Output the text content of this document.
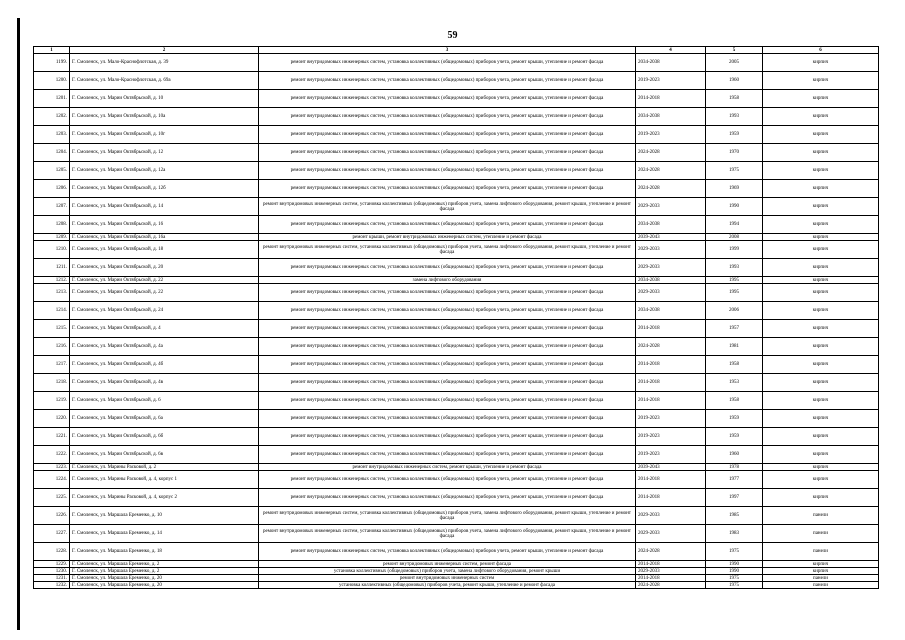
59
1	2	3	4	5	6
1199.	Г. Смоленск, ул. Мало-Краснофлотская, д. 39	ремонт внутридомовых инженерных систем, установка коллективных (общедомовых) приборов учета, ремонт крыши, утепление и ремонт фасада	2034-2038	2005	кирпич
1200.	Г. Смоленск, ул. Мало-Краснофлотская, д. 69а	ремонт внутридомовых инженерных систем, установка коллективных (общедомовых) приборов учета, ремонт крыши, утепление и ремонт фасада	2019-2023	1960	кирпич
1201.	Г. Смоленск, ул. Марии Октябрьской, д. 10	ремонт внутридомовых инженерных систем, установка коллективных (общедомовых) приборов учета, ремонт крыши, утепление и ремонт фасада	2014-2018	1958	кирпич
1202.	Г. Смоленск, ул. Марии Октябрьской, д. 10а	ремонт внутридомовых инженерных систем, установка коллективных (общедомовых) приборов учета, ремонт крыши, утепление и ремонт фасада	2034-2038	1993	кирпич
1203.	Г. Смоленск, ул. Марии Октябрьской, д. 10г	ремонт внутридомовых инженерных систем, установка коллективных (общедомовых) приборов учета, ремонт крыши, утепление и ремонт фасада	2019-2023	1959	кирпич
1204.	Г. Смоленск, ул. Марии Октябрьской, д. 12	ремонт внутридомовых инженерных систем, установка коллективных (общедомовых) приборов учета, ремонт крыши, утепление и ремонт фасада	2024-2028	1970	кирпич
1205.	Г. Смоленск, ул. Марии Октябрьской, д. 12а	ремонт внутридомовых инженерных систем, установка коллективных (общедомовых) приборов учета, ремонт крыши, утепление и ремонт фасада	2024-2028	1975	кирпич
1206.	Г. Смоленск, ул. Марии Октябрьской, д. 12б	ремонт внутридомовых инженерных систем, установка коллективных (общедомовых) приборов учета, ремонт крыши, утепление и ремонт фасада	2024-2028	1969	кирпич
1207.	Г. Смоленск, ул. Марии Октябрьской, д. 14	ремонт внутридомовых инженерных систем, установка коллективных (общедомовых) приборов учета, замена лифтового оборудования, ремонт крыши, утепление и ремонт фасада	2029-2033	1990	кирпич
1208.	Г. Смоленск, ул. Марии Октябрьской, д. 16	ремонт внутридомовых инженерных систем, установка коллективных (общедомовых) приборов учета, ремонт крыши, утепление и ремонт фасада	2034-2038	1994	кирпич
1209.	Г. Смоленск, ул. Марии Октябрьской, д. 16а	ремонт крыши, ремонт внутридомовых инженерных систем, утепление и ремонт фасада	2039-2043	2008	кирпич
1210.	Г. Смоленск, ул. Марии Октябрьской, д. 18	ремонт внутридомовых инженерных систем, установка коллективных (общедомовых) приборов учета, замена лифтового оборудования, ремонт крыши, утепление и ремонт фасада	2029-2033	1999	кирпич
1211.	Г. Смоленск, ул. Марии Октябрьской, д. 20	ремонт внутридомовых инженерных систем, установка коллективных (общедомовых) приборов учета, ремонт крыши, утепление и ремонт фасада	2029-2033	1993	кирпич
1212.	Г. Смоленск, ул. Марии Октябрьской, д. 22	замена лифтового оборудования	2034-2038	1995	кирпич
1213.	Г. Смоленск, ул. Марии Октябрьской, д. 22	ремонт внутридомовых инженерных систем, установка коллективных (общедомовых) приборов учета, ремонт крыши, утепление и ремонт фасада	2029-2033	1995	кирпич
1214.	Г. Смоленск, ул. Марии Октябрьской, д. 24	ремонт внутридомовых инженерных систем, установка коллективных (общедомовых) приборов учета, ремонт крыши, утепление и ремонт фасада	2034-2038	2006	кирпич
1215.	Г. Смоленск, ул. Марии Октябрьской, д. 4	ремонт внутридомовых инженерных систем, установка коллективных (общедомовых) приборов учета, ремонт крыши, утепление и ремонт фасада	2014-2018	1957	кирпич
1216.	Г. Смоленск, ул. Марии Октябрьской, д. 4а	ремонт внутридомовых инженерных систем, установка коллективных (общедомовых) приборов учета, ремонт крыши, утепление и ремонт фасада	2024-2028	1981	кирпич
1217.	Г. Смоленск, ул. Марии Октябрьской, д. 4б	ремонт внутридомовых инженерных систем, установка коллективных (общедомовых) приборов учета, ремонт крыши, утепление и ремонт фасада	2014-2018	1958	кирпич
1218.	Г. Смоленск, ул. Марии Октябрьской, д. 4в	ремонт внутридомовых инженерных систем, установка коллективных (общедомовых) приборов учета, ремонт крыши, утепление и ремонт фасада	2014-2018	1953	кирпич
1219.	Г. Смоленск, ул. Марии Октябрьской, д. 6	ремонт внутридомовых инженерных систем, установка коллективных (общедомовых) приборов учета, ремонт крыши, утепление и ремонт фасада	2014-2018	1958	кирпич
1220.	Г. Смоленск, ул. Марии Октябрьской, д. 6а	ремонт внутридомовых инженерных систем, установка коллективных (общедомовых) приборов учета, ремонт крыши, утепление и ремонт фасада	2019-2023	1959	кирпич
1221.	Г. Смоленск, ул. Марии Октябрьской, д. 6б	ремонт внутридомовых инженерных систем, установка коллективных (общедомовых) приборов учета, ремонт крыши, утепление и ремонт фасада	2019-2023	1959	кирпич
1222.	Г. Смоленск, ул. Марии Октябрьской, д. 6в	ремонт внутридомовых инженерных систем, установка коллективных (общедомовых) приборов учета, ремонт крыши, утепление и ремонт фасада	2019-2023	1960	кирпич
1223.	Г. Смоленск, ул. Марины Расковой, д. 2	ремонт внутридомовых инженерных систем, ремонт крыши, утепление и ремонт фасада	2039-2043	1978	кирпич
1224.	Г. Смоленск, ул. Марины Расковой, д. 4, корпус 1	ремонт внутридомовых инженерных систем, установка коллективных (общедомовых) приборов учета, ремонт крыши, утепление и ремонт фасада	2014-2018	1977	кирпич
1225.	Г. Смоленск, ул. Марины Расковой, д. 4, корпус 2	ремонт внутридомовых инженерных систем, установка коллективных (общедомовых) приборов учета, ремонт крыши, утепление и ремонт фасада	2014-2018	1997	кирпич
1226.	Г. Смоленск, ул. Маршала Еременко, д. 10	ремонт внутридомовых инженерных систем, установка коллективных (общедомовых) приборов учета, замена лифтового оборудования, ремонт крыши, утепление и ремонт фасада	2029-2033	1985	панели
1227.	Г. Смоленск, ул. Маршала Еременко, д. 14	ремонт внутридомовых инженерных систем, установка коллективных (общедомовых) приборов учета, замена лифтового оборудования, ремонт крыши, утепление и ремонт фасада	2029-2033	1983	панели
1228.	Г. Смоленск, ул. Маршала Еременко, д. 18	ремонт внутридомовых инженерных систем, установка коллективных (общедомовых) приборов учета, ремонт крыши, утепление и ремонт фасада	2024-2028	1975	панели
1229.	Г. Смоленск, ул. Маршала Еременко, д. 2	ремонт внутридомовых инженерных систем, ремонт фасада	2014-2018	1990	кирпич
1230.	Г. Смоленск, ул. Маршала Еременко, д. 2	установка коллективных (общедомовых) приборов учета, замена лифтового оборудования, ремонт крыши	2029-2033	1990	кирпич
1231.	Г. Смоленск, ул. Маршала Еременко, д. 20	ремонт внутридомовых инженерных систем	2014-2018	1975	панели
1232.	Г. Смоленск, ул. Маршала Еременко, д. 20	установка коллективных (общедомовых) приборов учета, ремонт крыши, утепление и ремонт фасада	2024-2028	1975	панели
